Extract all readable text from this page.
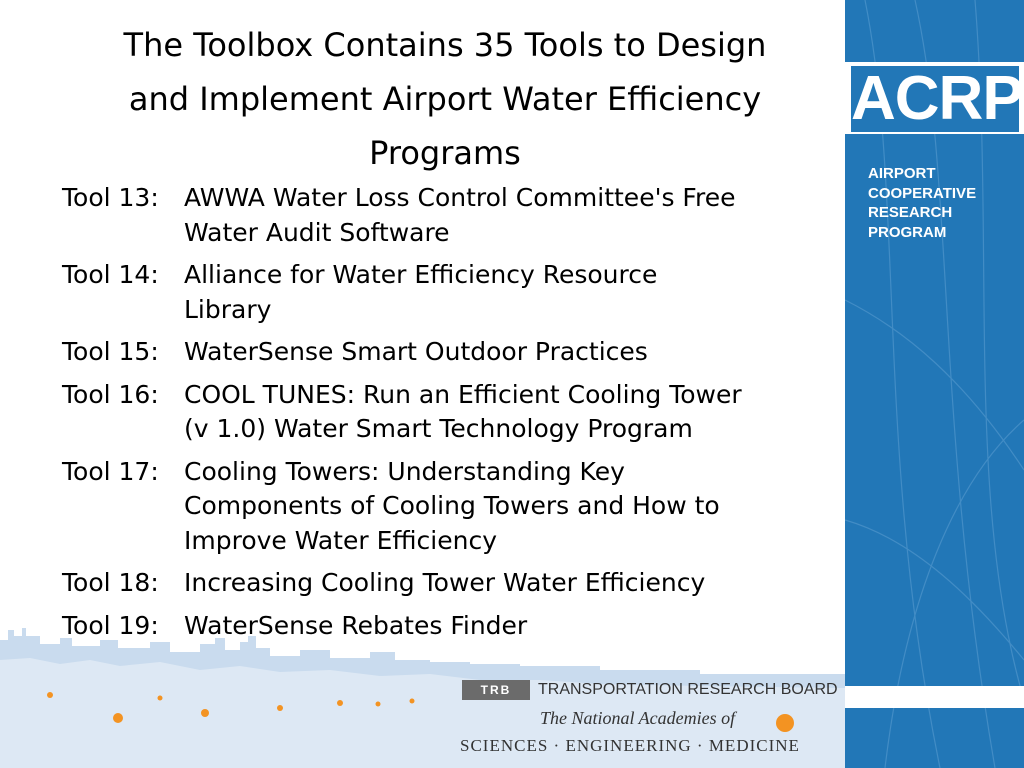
The Toolbox Contains 35 Tools to Design
and Implement Airport Water Efficiency
Programs
Tool 13:	AWWA Water Loss Control Committee's Free
Water Audit Software
Tool 14:	Alliance for Water Efficiency Resource
Library
Tool 15:	WaterSense Smart Outdoor Practices
Tool 16:	COOL TUNES: Run an Efficient Cooling Tower
(v 1.0) Water Smart Technology Program
Tool 17:	Cooling Towers: Understanding Key
Components of Cooling Towers and How to
Improve Water Efficiency
Tool 18:	Increasing Cooling Tower Water Efficiency
Tool 19:	WaterSense Rebates Finder
ACRP
AIRPORT
COOPERATIVE
RESEARCH
PROGRAM
TRB	TRANSPORTATION RESEARCH BOARD
The National Academies of
SCIENCES · ENGINEERING · MEDICINE
